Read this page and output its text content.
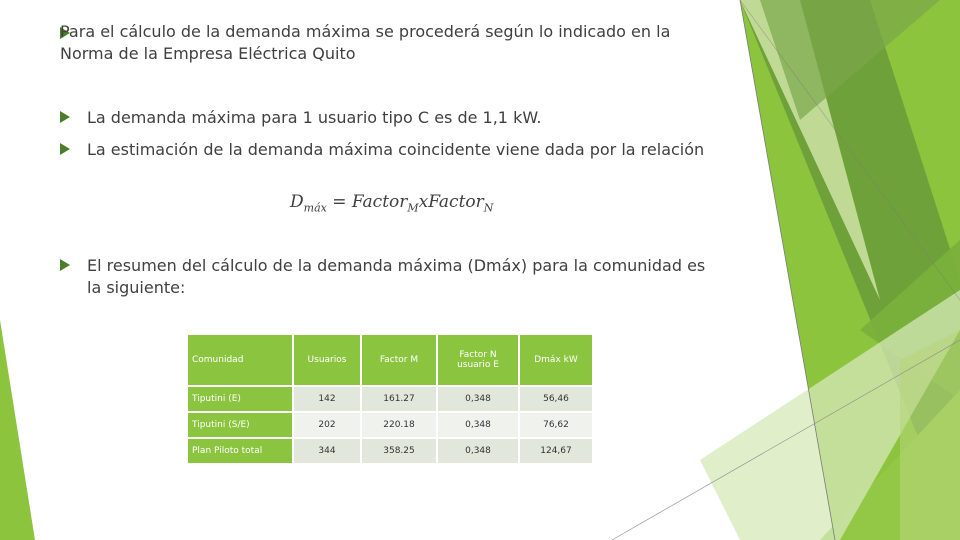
Para el cálculo de la demanda máxima se procederá según lo indicado en la Norma de la Empresa Eléctrica Quito
La demanda máxima para 1 usuario tipo C es de 1,1 kW.
La estimación de la demanda máxima coincidente viene dada por la relación
El resumen del cálculo de la demanda máxima (Dmáx) para la comunidad es la siguiente:
$D_{máx}$ = Factor$_M$xFactor$_N$
Comunidad	Usuarios	Factor M	Factor N usuario E	Dmáx kW
Tiputini (E)	142	161.27	0,348	56,46
Tiputini (S/E)	202	220.18	0,348	76,62
Plan Piloto total	344	358.25	0,348	124,67
